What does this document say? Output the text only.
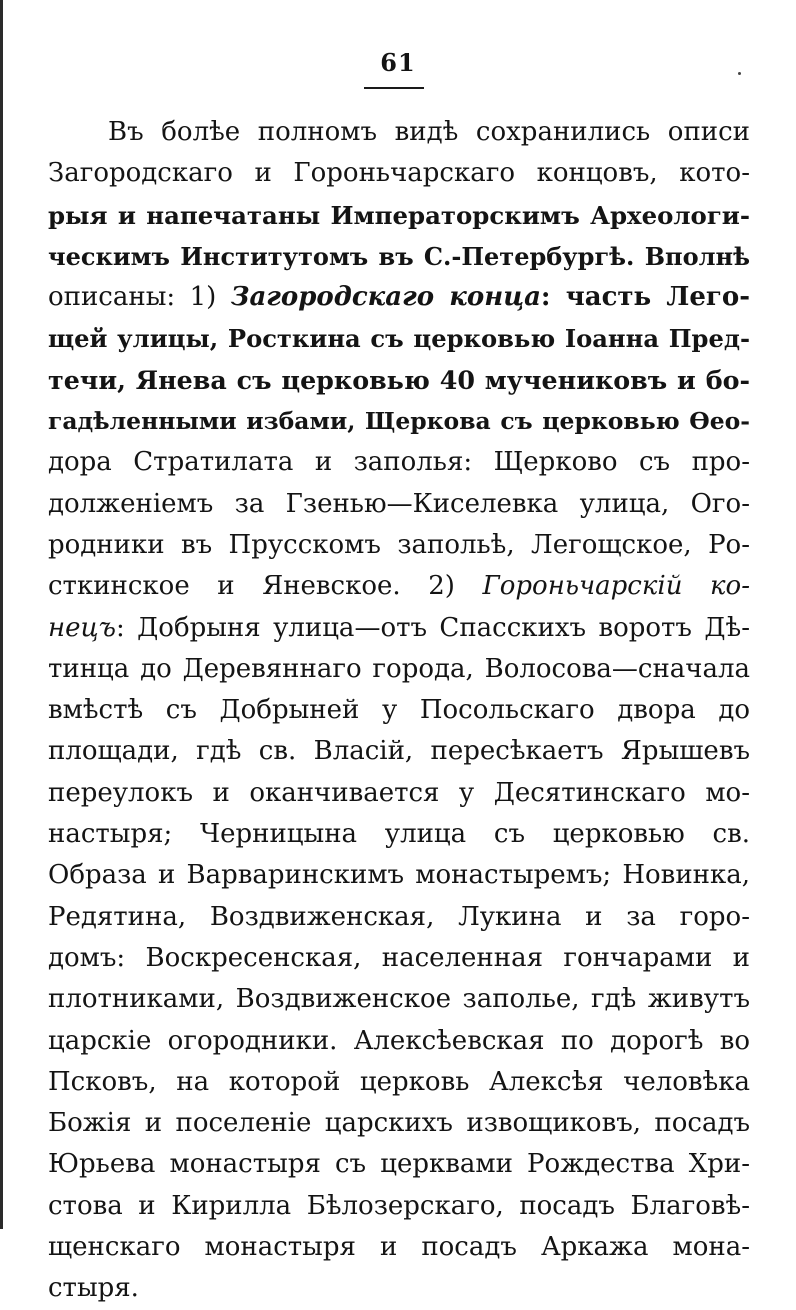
61
Въ болѣе полномъ видѣ сохранились описи
Загородскаго и Гороньчарскаго концовъ, кото-
рыя и напечатаны Императорскимъ Археологи-
ческимъ Институтомъ въ С.-Петербургѣ. Вполнѣ
описаны: 1) Загородскаго конца: часть Лего-
щей улицы, Росткина съ церковью Іоанна Пред-
течи, Янева съ церковью 40 мучениковъ и бо-
гадѣленными избами, Щеркова съ церковью Ѳео-
дора Стратилата и заполья: Щерково съ про-
долженіемъ за Гзенью—Киселевка улица, Ого-
родники въ Прусскомъ запольѣ, Легощское, Ро-
сткинское и Яневское. 2) Гороньчарскій ко-
нецъ: Добрыня улица—отъ Спасскихъ воротъ Дѣ-
тинца до Деревяннаго города, Волосова—сначала
вмѣстѣ съ Добрыней у Посольскаго двора до
площади, гдѣ св. Власій, пересѣкаетъ Ярышевъ
переулокъ и оканчивается у Десятинскаго мо-
настыря; Черницына улица съ церковью св.
Образа и Варваринскимъ монастыремъ; Новинка,
Редятина, Воздвиженская, Лукина и за горо-
домъ: Воскресенская, населенная гончарами и
плотниками, Воздвиженское заполье, гдѣ живутъ
царскіе огородники. Алексѣевская по дорогѣ во
Псковъ, на которой церковь Алексѣя человѣка
Божія и поселеніе царскихъ извощиковъ, посадъ
Юрьева монастыря съ церквами Рождества Хри-
стова и Кирилла Бѣлозерскаго, посадъ Благовѣ-
щенскаго монастыря и посадъ Аркажа мона-
стыря.
